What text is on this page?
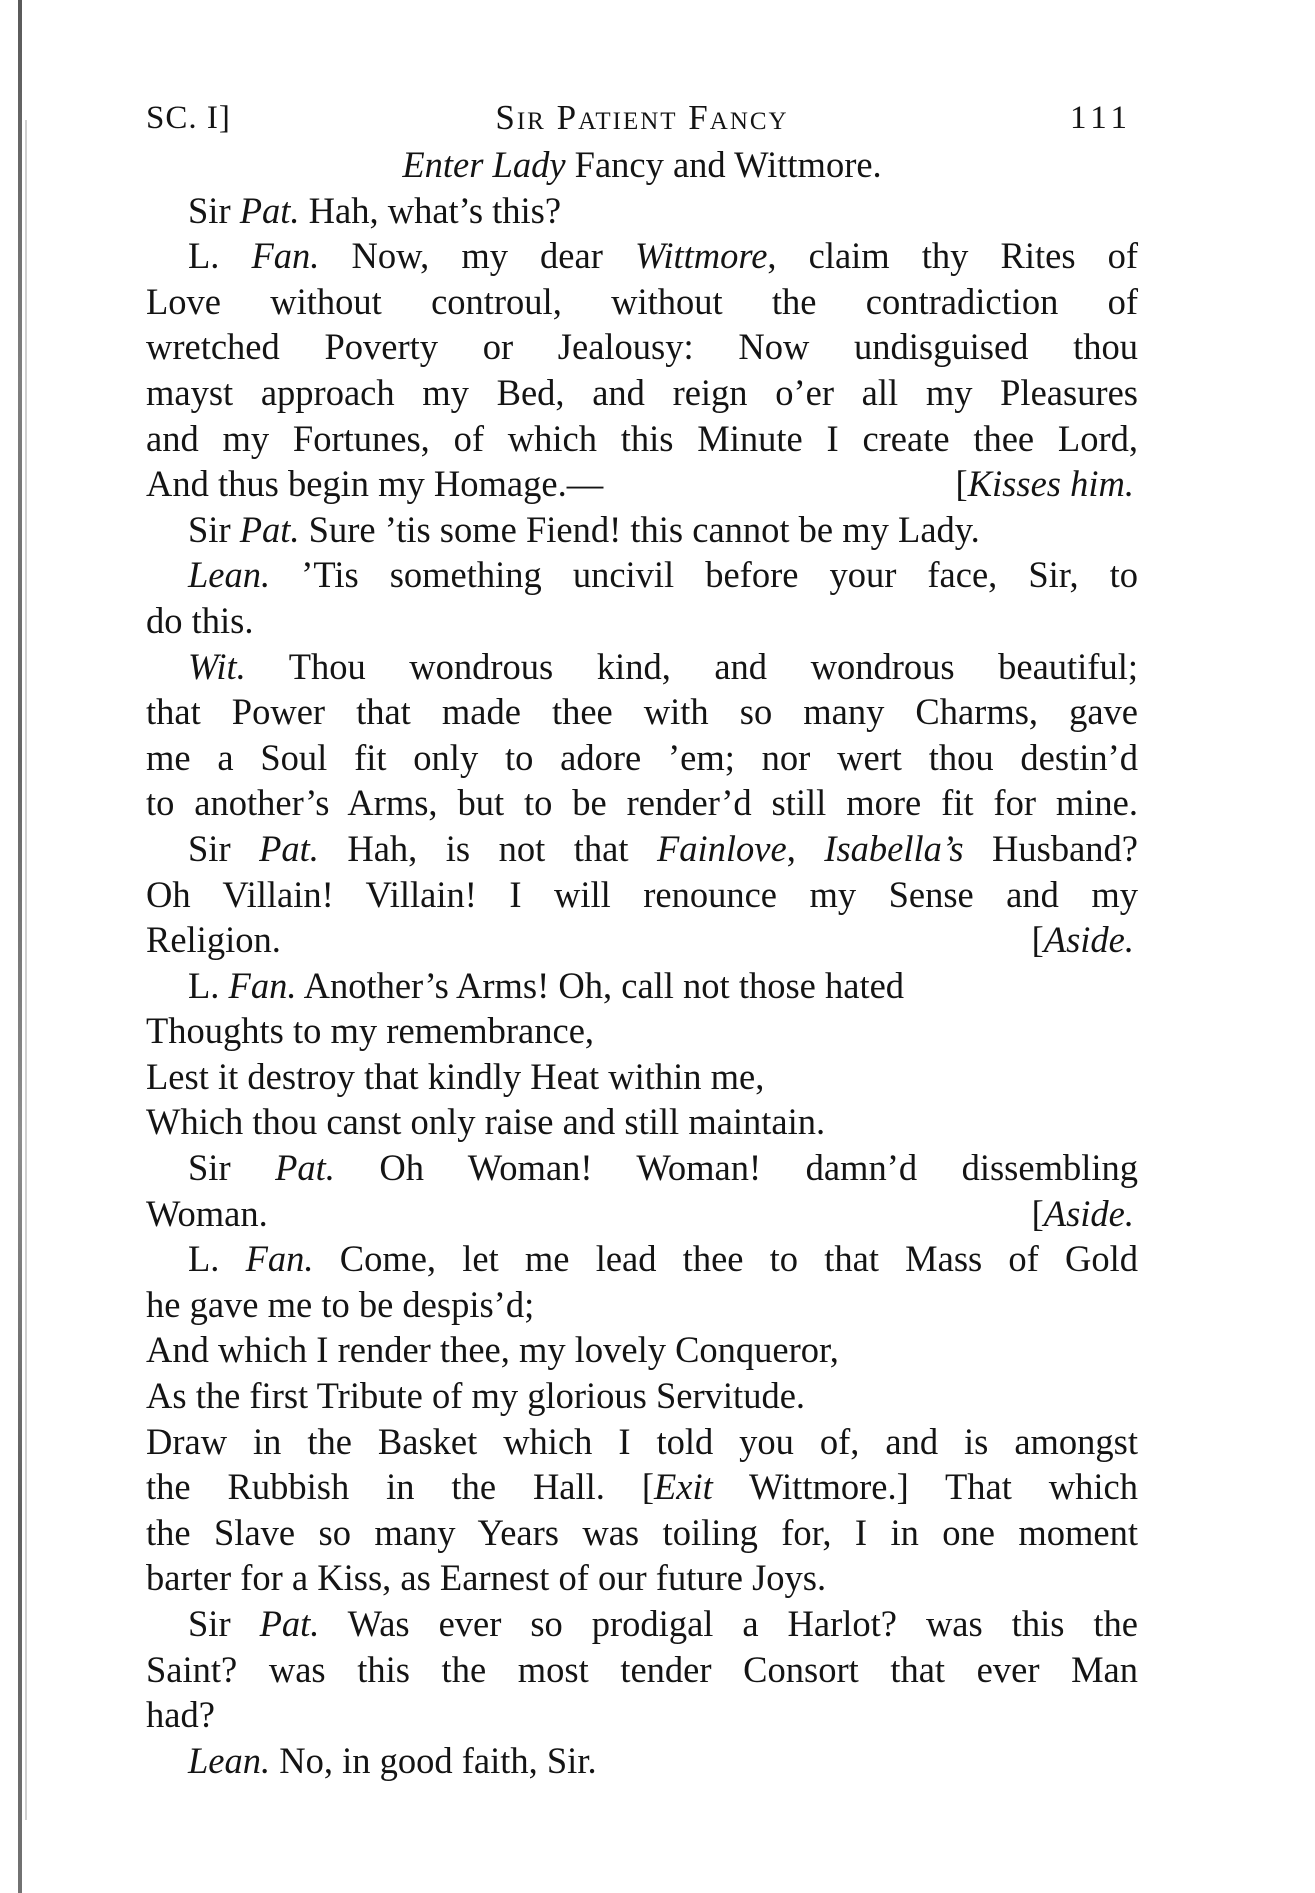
SC. I]	Sir Patient Fancy	111
Enter Lady Fancy and Wittmore.
Sir Pat. Hah, what’s this?
L. Fan. Now, my dear Wittmore, claim thy Rites of
Love without controul, without the contradiction of
wretched Poverty or Jealousy: Now undisguised thou
mayst approach my Bed, and reign o’er all my Pleasures
and my Fortunes, of which this Minute I create thee Lord,
And thus begin my Homage.—	[Kisses him.
Sir Pat. Sure ’tis some Fiend! this cannot be my Lady.
Lean. ’Tis something uncivil before your face, Sir, to
do this.
Wit. Thou wondrous kind, and wondrous beautiful;
that Power that made thee with so many Charms, gave
me a Soul fit only to adore ’em; nor wert thou destin’d
to another’s Arms, but to be render’d still more fit for mine.
Sir Pat. Hah, is not that Fainlove, Isabella’s Husband?
Oh Villain! Villain! I will renounce my Sense and my
Religion.	[Aside.
L. Fan. Another’s Arms! Oh, call not those hated
Thoughts to my remembrance,
Lest it destroy that kindly Heat within me,
Which thou canst only raise and still maintain.
Sir Pat. Oh Woman! Woman! damn’d dissembling
Woman.	[Aside.
L. Fan. Come, let me lead thee to that Mass of Gold
he gave me to be despis’d;
And which I render thee, my lovely Conqueror,
As the first Tribute of my glorious Servitude.
Draw in the Basket which I told you of, and is amongst
the Rubbish in the Hall. [Exit Wittmore.] That which
the Slave so many Years was toiling for, I in one moment
barter for a Kiss, as Earnest of our future Joys.
Sir Pat. Was ever so prodigal a Harlot? was this the
Saint? was this the most tender Consort that ever Man
had?
Lean. No, in good faith, Sir.
